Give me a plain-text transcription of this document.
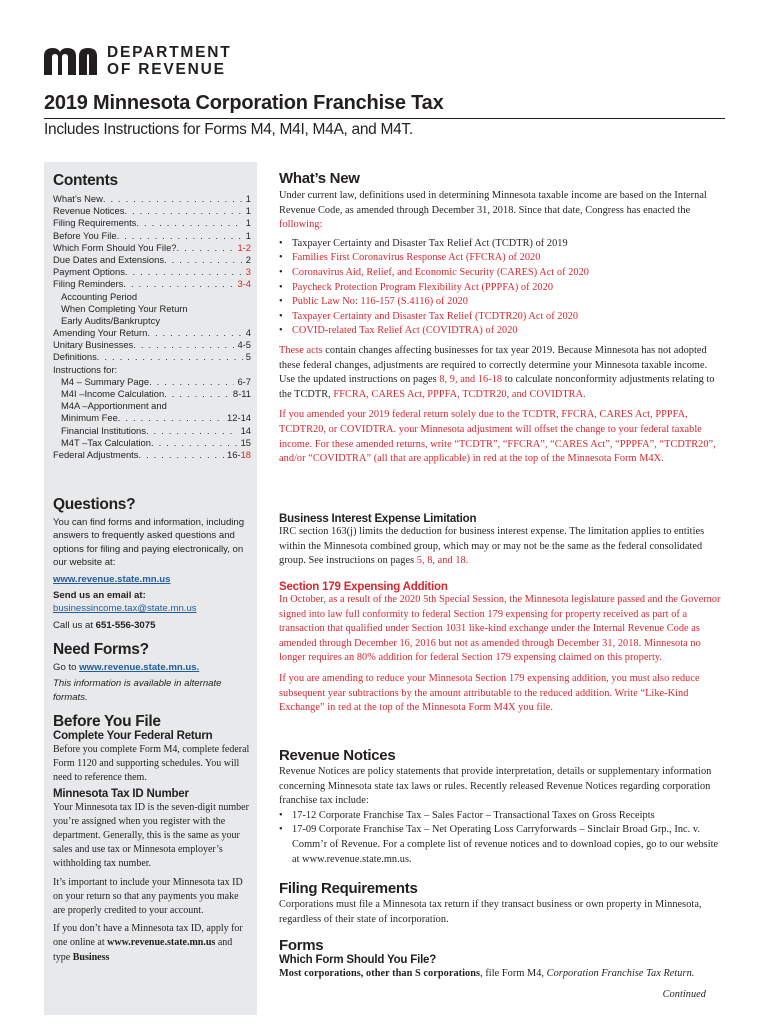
DEPARTMENT
OF REVENUE
2019 Minnesota Corporation Franchise Tax
Includes Instructions for Forms M4, M4I, M4A, and M4T.
Contents
What’s New . . .	1
Revenue Notices . . .	1
Filing Requirements . . .	1
Before You File . . .	1
Which Form Should You File? . . .	1-2
Due Dates and Extensions . . .	2
Payment Options . . .	3
Filing Reminders . . .	3-4
Accounting Period
When Completing Your Return
Early Audits/Bankruptcy
Amending Your Return . . .	4
Unitary Businesses . . .	4-5
Definitions . . .	5
Instructions for:
M4 – Summary Page . . .	6-7
M4I –Income Calculation . . .	8-11
M4A –Apportionment and
Minimum Fee . . .	12-14
Financial Institutions . . .	14
M4T –Tax Calculation . . .	15
Federal Adjustments . . .	16-18
Questions?
You can find forms and information, including answers to frequently asked questions and options for filing and paying electronically, on our website at:
www.revenue.state.mn.us
Send us an email at:
businessincome.tax@state.mn.us
Call us at 651-556-3075
Need Forms?
Go to www.revenue.state.mn.us.
This information is available in alternate formats.
Before You File
Complete Your Federal Return
Before you complete Form M4, complete federal Form 1120 and supporting schedules. You will need to reference them.
Minnesota Tax ID Number
Your Minnesota tax ID is the seven-digit number you’re assigned when you register with the department. Generally, this is the same as your sales and use tax or Minnesota employer’s withholding tax number.
It’s important to include your Minnesota tax ID on your return so that any payments you make are properly credited to your account.
If you don’t have a Minnesota tax ID, apply for one online at www.revenue.state.mn.us and type Business
What’s New
Under current law, definitions used in determining Minnesota taxable income are based on the Internal Revenue Code, as amended through December 31, 2018. Since that date, Congress has enacted the following:
• Taxpayer Certainty and Disaster Tax Relief Act (TCDTR) of 2019
• Families First Coronavirus Response Act (FFCRA) of 2020
• Coronavirus Aid, Relief, and Economic Security (CARES) Act of 2020
• Paycheck Protection Program Flexibility Act (PPPFA) of 2020
• Public Law No: 116-157 (S.4116) of 2020
• Taxpayer Certainty and Disaster Tax Relief (TCDTR20) Act of 2020
• COVID-related Tax Relief Act (COVIDTRA) of 2020
These acts contain changes affecting businesses for tax year 2019. Because Minnesota has not adopted these federal changes, adjustments are required to correctly determine your Minnesota taxable income. Use the updated instructions on pages 8, 9, and 16-18 to calculate nonconformity adjustments relating to the TCDTR, FFCRA, CARES Act, PPPFA, TCDTR20, and COVIDTRA.
If you amended your 2019 federal return solely due to the TCDTR, FFCRA, CARES Act, PPPFA, TCDTR20, or COVIDTRA. your Minnesota adjustment will offset the change to your federal taxable income. For these amended returns, write “TCDTR”, “FFCRA”, “CARES Act”, “PPPFA”, “TCDTR20”, and/or “COVIDTRA” (all that are applicable) in red at the top of the Minnesota Form M4X.
Business Interest Expense Limitation
IRC section 163(j) limits the deduction for business interest expense. The limitation applies to entities within the Minnesota combined group, which may or may not be the same as the federal consolidated group. See instructions on pages 5, 8, and 18.
Section 179 Expensing Addition
In October, as a result of the 2020 5th Special Session, the Minnesota legislature passed and the Governor signed into law full conformity to federal Section 179 expensing for property received as part of a transaction that qualified under Section 1031 like-kind exchange under the Internal Revenue Code as amended through December 16, 2016 but not as amended through December 31, 2018. Minnesota no longer requires an 80% addition for federal Section 179 expensing claimed on this property.
If you are amending to reduce your Minnesota Section 179 expensing addition, you must also reduce subsequent year subtractions by the amount attributable to the reduced addition. Write “Like-Kind Exchange” in red at the top of the Minnesota Form M4X you file.
Revenue Notices
Revenue Notices are policy statements that provide interpretation, details or supplementary information concerning Minnesota state tax laws or rules. Recently released Revenue Notices regarding corporation franchise tax include:
• 17-12 Corporate Franchise Tax – Sales Factor – Transactional Taxes on Gross Receipts
• 17-09 Corporate Franchise Tax – Net Operating Loss Carryforwards – Sinclair Broad Grp., Inc. v. Comm’r of Revenue. For a complete list of revenue notices and to download copies, go to our website at www.revenue.state.mn.us.
Filing Requirements
Corporations must file a Minnesota tax return if they transact business or own property in Minnesota, regardless of their state of incorporation.
Forms
Which Form Should You File?
Most corporations, other than S corporations, file Form M4, Corporation Franchise Tax Return.
Continued
